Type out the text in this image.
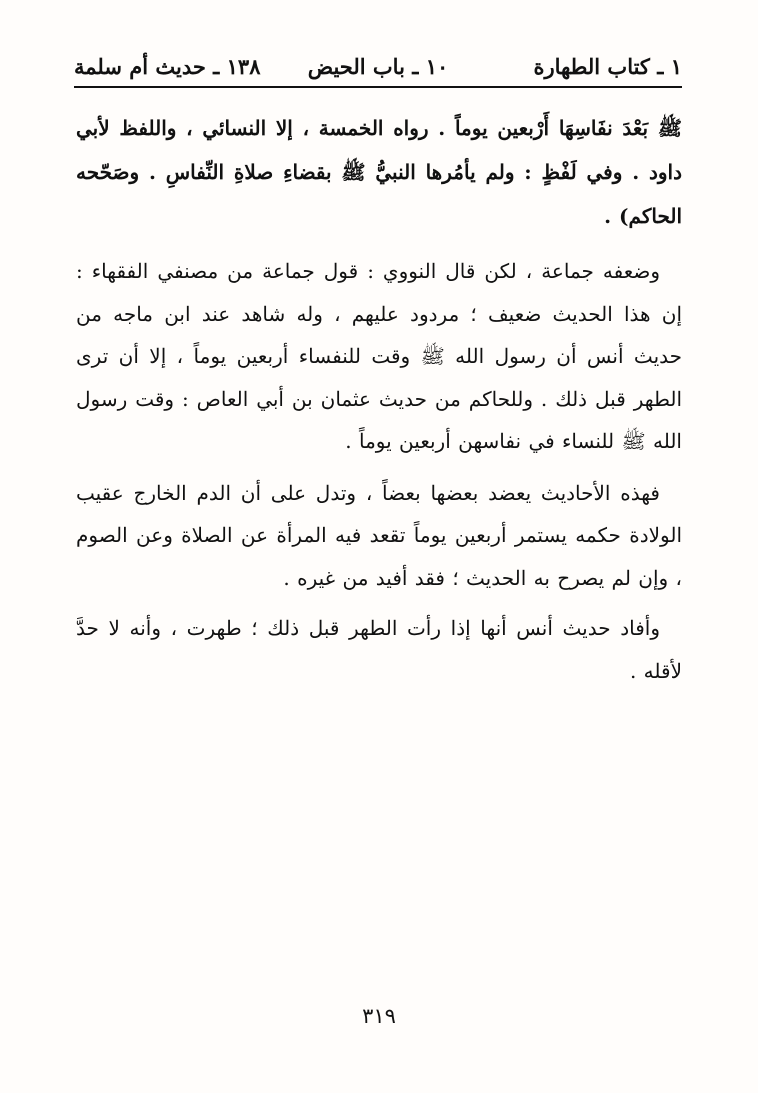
١ ـ كتاب الطهارة
١٠ ـ باب الحيض
١٣٨ ـ حديث أم سلمة

ﷺ بَعْدَ نفَاسِهَا أَرْبعين يوماً . رواه الخمسة ، إلا النسائي ، واللفظ لأبي داود . وفي لَفْظٍ : ولم يأمُرها النبيُّ ﷺ بقضاءِ صلاةِ النِّفاسِ . وصَحّحه الحاكم) .

وضعفه جماعة ، لكن قال النووي : قول جماعة من مصنفي الفقهاء : إن هذا الحديث ضعيف ؛ مردود عليهم ، وله شاهد عند ابن ماجه من حديث أنس أن رسول الله ﷺ وقت للنفساء أربعين يوماً ، إلا أن ترى الطهر قبل ذلك . وللحاكم من حديث عثمان بن أبي العاص : وقت رسول الله ﷺ للنساء في نفاسهن أربعين يوماً .

فهذه الأحاديث يعضد بعضها بعضاً ، وتدل على أن الدم الخارج عقيب الولادة حكمه يستمر أربعين يوماً تقعد فيه المرأة عن الصلاة وعن الصوم ، وإن لم يصرح به الحديث ؛ فقد أفيد من غيره .

وأفاد حديث أنس أنها إذا رأت الطهر قبل ذلك ؛ طهرت ، وأنه لا حدَّ لأقله .

٣١٩
